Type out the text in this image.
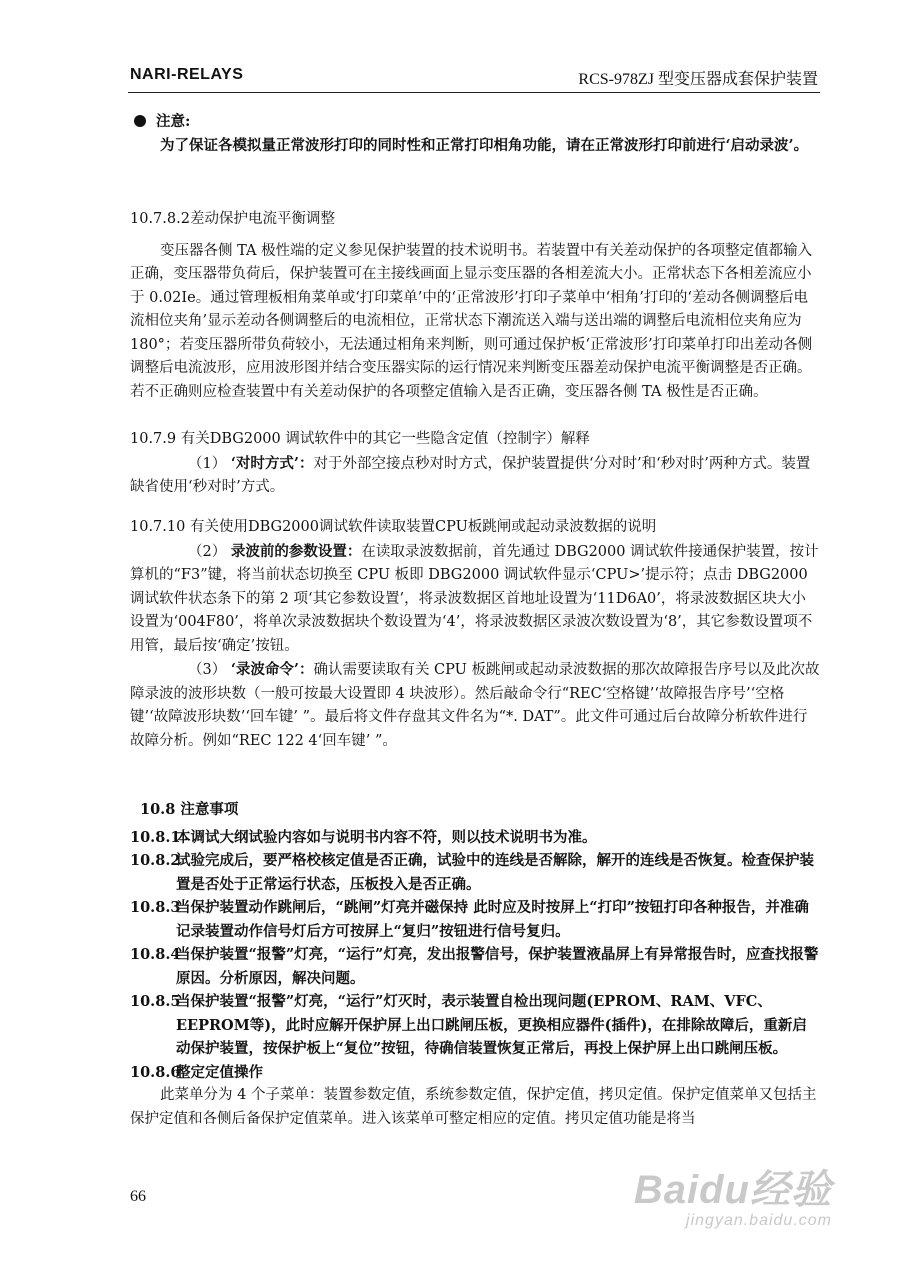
NARI-RELAYS	RCS-978ZJ 型变压器成套保护装置
注意:
为了保证各模拟量正常波形打印的同时性和正常打印相角功能，请在正常波形打印前进行‘启动录波’。
10.7.8.2差动保护电流平衡调整
变压器各侧 TA 极性端的定义参见保护装置的技术说明书。若装置中有关差动保护的各项整定值都输入正确，变压器带负荷后，保护装置可在主接线画面上显示变压器的各相差流大小。正常状态下各相差流应小于 0.02Ie。通过管理板相角菜单或‘打印菜单’中的‘正常波形’打印子菜单中‘相角’打印的‘差动各侧调整后电流相位夹角’显示差动各侧调整后的电流相位，正常状态下潮流送入端与送出端的调整后电流相位夹角应为 180°；若变压器所带负荷较小，无法通过相角来判断，则可通过保护板‘正常波形’打印菜单打印出差动各侧调整后电流波形，应用波形图并结合变压器实际的运行情况来判断变压器差动保护电流平衡调整是否正确。若不正确则应检查装置中有关差动保护的各项整定值输入是否正确，变压器各侧 TA 极性是否正确。
10.7.9 有关DBG2000 调试软件中的其它一些隐含定值（控制字）解释
（1） ‘对时方式’：对于外部空接点秒对时方式，保护装置提供‘分对时’和‘秒对时’两种方式。装置缺省使用‘秒对时’方式。
10.7.10 有关使用DBG2000调试软件读取装置CPU板跳闸或起动录波数据的说明
（2） 录波前的参数设置：在读取录波数据前，首先通过 DBG2000 调试软件接通保护装置，按计算机的“F3”键，将当前状态切换至 CPU 板即 DBG2000 调试软件显示‘CPU>’提示符；点击 DBG2000 调试软件状态条下的第 2 项‘其它参数设置’，将录波数据区首地址设置为‘11D6A0’，将录波数据区块大小设置为‘004F80’，将单次录波数据块个数设置为‘4’，将录波数据区录波次数设置为‘8’，其它参数设置项不用管，最后按‘确定’按钮。
（3） ‘录波命令’：确认需要读取有关 CPU 板跳闸或起动录波数据的那次故障报告序号以及此次故障录波的波形块数（一般可按最大设置即 4 块波形）。然后敲命令行“REC‘空格键’‘故障报告序号’‘空格键’‘故障波形块数’‘回车键’ ”。最后将文件存盘其文件名为“*. DAT”。此文件可通过后台故障分析软件进行故障分析。例如“REC 122 4‘回车键’ ”。
10.8 注意事项
10.8.1本调试大纲试验内容如与说明书内容不符，则以技术说明书为准。
10.8.2试验完成后，要严格校核定值是否正确，试验中的连线是否解除，解开的连线是否恢复。检查保护装置是否处于正常运行状态，压板投入是否正确。
10.8.3当保护装置动作跳闸后，“跳闸”灯亮并磁保持 此时应及时按屏上“打印”按钮打印各种报告，并准确记录装置动作信号灯后方可按屏上“复归”按钮进行信号复归。
10.8.4当保护装置“报警”灯亮，“运行”灯亮，发出报警信号，保护装置液晶屏上有异常报告时，应查找报警原因。分析原因，解决问题。
10.8.5当保护装置“报警”灯亮，“运行”灯灭时，表示装置自检出现问题(EPROM、RAM、VFC、EEPROM等)，此时应解开保护屏上出口跳闸压板，更换相应器件(插件)，在排除故障后，重新启动保护装置，按保护板上“复位”按钮，待确信装置恢复正常后，再投上保护屏上出口跳闸压板。
10.8.6整定定值操作
此菜单分为 4 个子菜单：装置参数定值，系统参数定值，保护定值，拷贝定值。保护定值菜单又包括主保护定值和各侧后备保护定值菜单。进入该菜单可整定相应的定值。拷贝定值功能是将当
66	Baidu经验
jingyan.baidu.com
